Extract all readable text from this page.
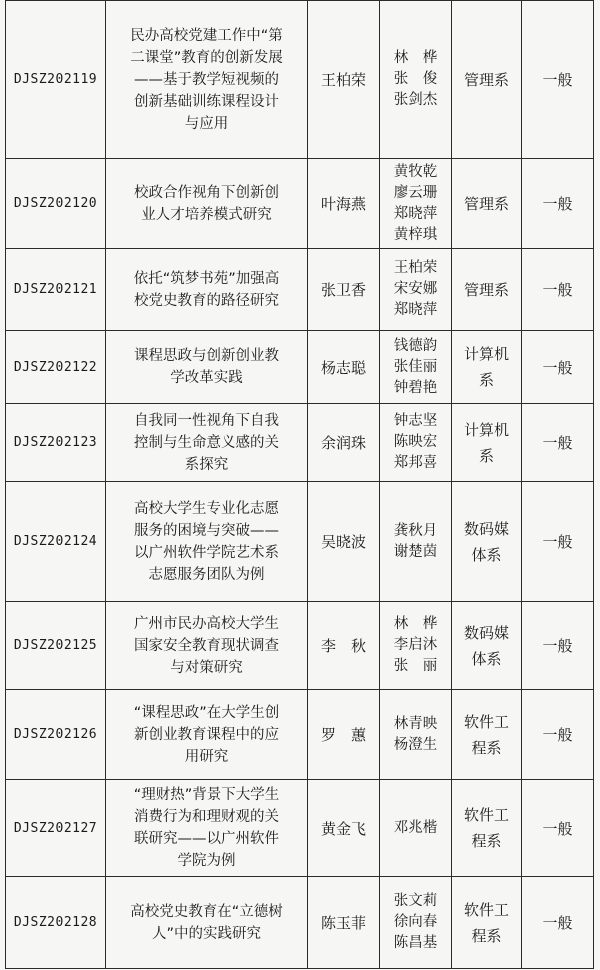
DJSZ202119	民办高校党建工作中“第
二课堂”教育的创新发展
——基于教学短视频的
创新基础训练课程设计
与应用	王柏荣	林　桦
张　俊
张剑杰	管理系	一般
DJSZ202120	校政合作视角下创新创
业人才培养模式研究	叶海燕	黄牧乾
廖云珊
郑晓萍
黄梓琪	管理系	一般
DJSZ202121	依托“筑梦书苑”加强高
校党史教育的路径研究	张卫香	王柏荣
宋安娜
郑晓萍	管理系	一般
DJSZ202122	课程思政与创新创业教
学改革实践	杨志聪	钱德韵
张佳丽
钟碧艳	计算机
系	一般
DJSZ202123	自我同一性视角下自我
控制与生命意义感的关
系探究	余润珠	钟志坚
陈映宏
郑邦喜	计算机
系	一般
DJSZ202124	高校大学生专业化志愿
服务的困境与突破——
以广州软件学院艺术系
志愿服务团队为例	吴晓波	龚秋月
谢楚茵	数码媒
体系	一般
DJSZ202125	广州市民办高校大学生
国家安全教育现状调查
与对策研究	李　秋	林　桦
李启沐
张　丽	数码媒
体系	一般
DJSZ202126	“课程思政”在大学生创
新创业教育课程中的应
用研究	罗　蕙	林青映
杨澄生	软件工
程系	一般
DJSZ202127	“理财热”背景下大学生
消费行为和理财观的关
联研究——以广州软件
学院为例	黄金飞	邓兆楷	软件工
程系	一般
DJSZ202128	高校党史教育在“立德树
人”中的实践研究	陈玉菲	张文莉
徐向春
陈昌基	软件工
程系	一般
